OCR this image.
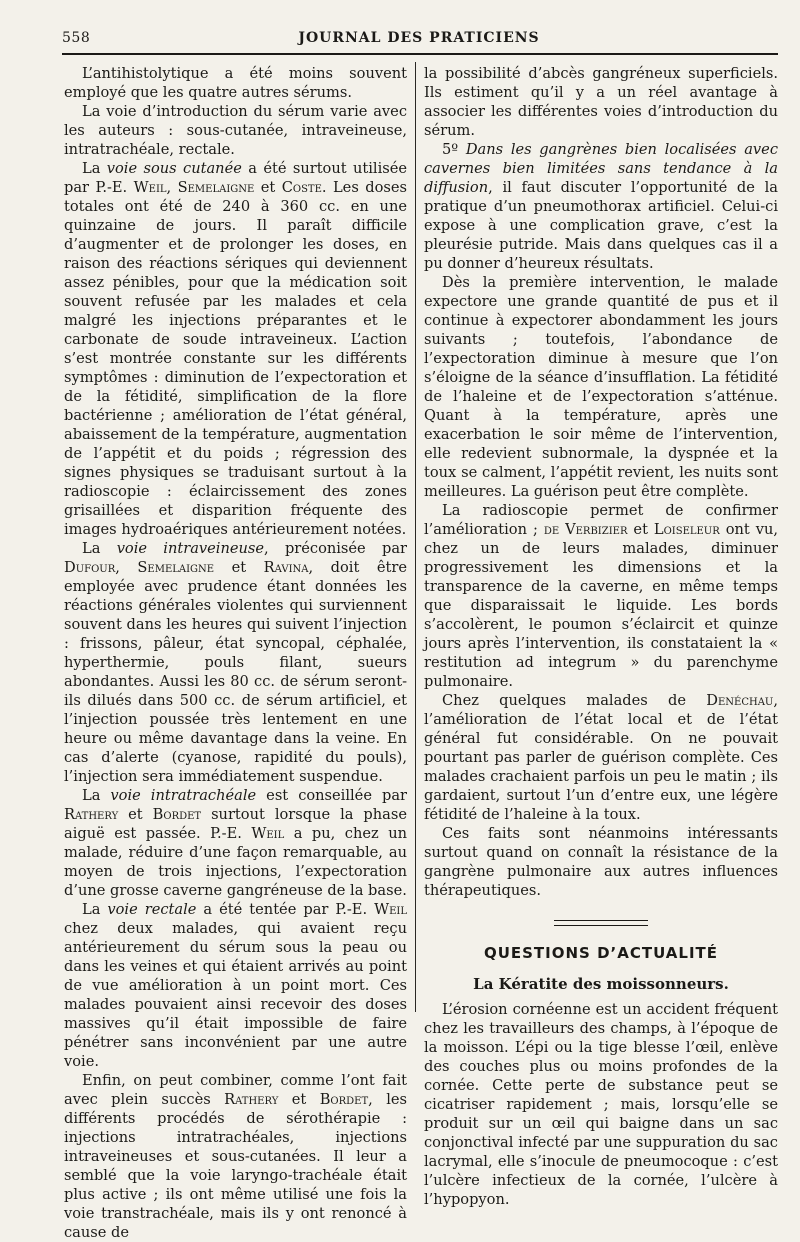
558	JOURNAL DES PRATICIENS

L’antihistolytique a été moins souvent employé que les quatre autres sérums.

La voie d’introduction du sérum varie avec les auteurs : sous-cutanée, intraveineuse, intratrachéale, rectale.

La voie sous cutanée a été surtout utilisée par P.-E. Weil, Semelaigne et Coste. Les doses totales ont été de 240 à 360 cc. en une quinzaine de jours. Il paraît difficile d’augmenter et de prolonger les doses, en raison des réactions sériques qui deviennent assez pénibles, pour que la médication soit souvent refusée par les malades et cela malgré les injections préparantes et le carbonate de soude intraveineux. L’action s’est montrée constante sur les différents symptômes : diminution de l’expectoration et de la fétidité, simplification de la flore bactérienne ; amélioration de l’état général, abaissement de la température, augmentation de l’appétit et du poids ; régression des signes physiques se traduisant surtout à la radioscopie : éclaircissement des zones grisaillées et disparition fréquente des images hydroaériques antérieurement notées.

La voie intraveineuse, préconisée par Dufour, Semelaigne et Ravina, doit être employée avec prudence étant données les réactions générales violentes qui surviennent souvent dans les heures qui suivent l’injection : frissons, pâleur, état syncopal, céphalée, hyperthermie, pouls filant, sueurs abondantes. Aussi les 80 cc. de sérum seront-ils dilués dans 500 cc. de sérum artificiel, et l’injection poussée très lentement en une heure ou même davantage dans la veine. En cas d’alerte (cyanose, rapidité du pouls), l’injection sera immédiatement suspendue.

La voie intratrachéale est conseillée par Rathery et Bordet surtout lorsque la phase aiguë est passée. P.-E. Weil a pu, chez un malade, réduire d’une façon remarquable, au moyen de trois injections, l’expectoration d’une grosse caverne gangréneuse de la base.

La voie rectale a été tentée par P.-E. Weil chez deux malades, qui avaient reçu antérieurement du sérum sous la peau ou dans les veines et qui étaient arrivés au point de vue amélioration à un point mort. Ces malades pouvaient ainsi recevoir des doses massives qu’il était impossible de faire pénétrer sans inconvénient par une autre voie.

Enfin, on peut combiner, comme l’ont fait avec plein succès Rathery et Bordet, les différents procédés de sérothérapie : injections intratrachéales, injections intraveineuses et sous-cutanées. Il leur a semblé que la voie laryngo-trachéale était plus active ; ils ont même utilisé une fois la voie transtrachéale, mais ils y ont renoncé à cause de

la possibilité d’abcès gangréneux superficiels. Ils estiment qu’il y a un réel avantage à associer les différentes voies d’introduction du sérum.

5º Dans les gangrènes bien localisées avec cavernes bien limitées sans tendance à la diffusion, il faut discuter l’opportunité de la pratique d’un pneumothorax artificiel. Celui-ci expose à une complication grave, c’est la pleurésie putride. Mais dans quelques cas il a pu donner d’heureux résultats.

Dès la première intervention, le malade expectore une grande quantité de pus et il continue à expectorer abondamment les jours suivants ; toutefois, l’abondance de l’expectoration diminue à mesure que l’on s’éloigne de la séance d’insufflation. La fétidité de l’haleine et de l’expectoration s’atténue. Quant à la température, après une exacerbation le soir même de l’intervention, elle redevient subnormale, la dyspnée et la toux se calment, l’appétit revient, les nuits sont meilleures. La guérison peut être complète.

La radioscopie permet de confirmer l’amélioration ; de Verbizier et Loiseleur ont vu, chez un de leurs malades, diminuer progressivement les dimensions et la transparence de la caverne, en même temps que disparaissait le liquide. Les bords s’accolèrent, le poumon s’éclaircit et quinze jours après l’intervention, ils constataient la « restitution ad integrum » du parenchyme pulmonaire.

Chez quelques malades de Denéchau, l’amélioration de l’état local et de l’état général fut considérable. On ne pouvait pourtant pas parler de guérison complète. Ces malades crachaient parfois un peu le matin ; ils gardaient, surtout l’un d’entre eux, une légère fétidité de l’haleine à la toux.

Ces faits sont néanmoins intéressants surtout quand on connaît la résistance de la gangrène pulmonaire aux autres influences thérapeutiques.

QUESTIONS D’ACTUALITÉ
La Kératite des moissonneurs.

L’érosion cornéenne est un accident fréquent chez les travailleurs des champs, à l’époque de la moisson. L’épi ou la tige blesse l’œil, enlève des couches plus ou moins profondes de la cornée. Cette perte de substance peut se cicatriser rapidement ; mais, lorsqu’elle se produit sur un œil qui baigne dans un sac conjonctival infecté par une suppuration du sac lacrymal, elle s’inocule de pneumocoque : c’est l’ulcère infectieux de la cornée, l’ulcère à l’hypopyon.
